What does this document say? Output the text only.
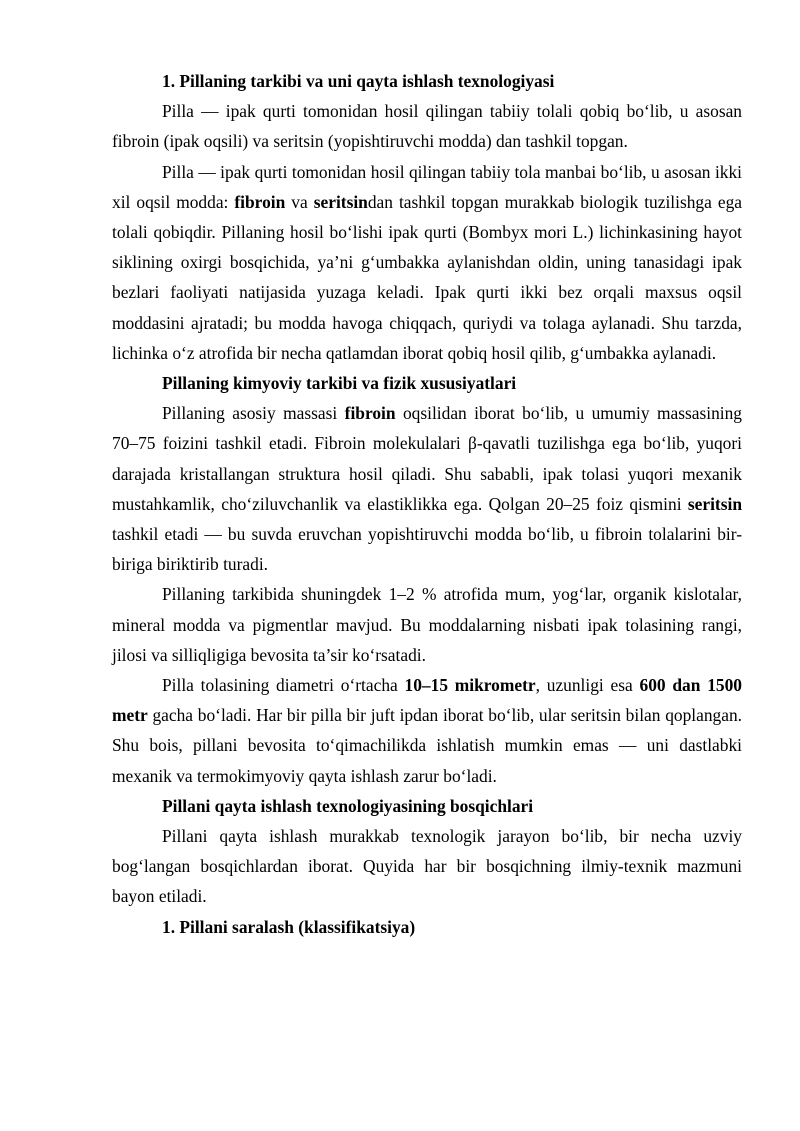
1. Pillaning tarkibi va uni qayta ishlash texnologiyasi

Pilla — ipak qurti tomonidan hosil qilingan tabiiy tolali qobiq bo‘lib, u asosan fibroin (ipak oqsili) va seritsin (yopishtiruvchi modda) dan tashkil topgan.

Pilla — ipak qurti tomonidan hosil qilingan tabiiy tola manbai bo‘lib, u asosan ikki xil oqsil modda: fibroin va seritsindan tashkil topgan murakkab biologik tuzilishga ega tolali qobiqdir. Pillaning hosil bo‘lishi ipak qurti (Bombyx mori L.) lichinkasining hayot siklining oxirgi bosqichida, ya’ni g‘umbakka aylanishdan oldin, uning tanasidagi ipak bezlari faoliyati natijasida yuzaga keladi. Ipak qurti ikki bez orqali maxsus oqsil moddasini ajratadi; bu modda havoga chiqqach, quriydi va tolaga aylanadi. Shu tarzda, lichinka o‘z atrofida bir necha qatlamdan iborat qobiq hosil qilib, g‘umbakka aylanadi.

Pillaning kimyoviy tarkibi va fizik xususiyatlari

Pillaning asosiy massasi fibroin oqsilidan iborat bo‘lib, u umumiy massasining 70–75 foizini tashkil etadi. Fibroin molekulalari β-qavatli tuzilishga ega bo‘lib, yuqori darajada kristallangan struktura hosil qiladi. Shu sababli, ipak tolasi yuqori mexanik mustahkamlik, cho‘ziluvchanlik va elastiklikka ega. Qolgan 20–25 foiz qismini seritsin tashkil etadi — bu suvda eruvchan yopishtiruvchi modda bo‘lib, u fibroin tolalarini bir-biriga biriktirib turadi.

Pillaning tarkibida shuningdek 1–2 % atrofida mum, yog‘lar, organik kislotalar, mineral modda va pigmentlar mavjud. Bu moddalarning nisbati ipak tolasining rangi, jilosi va silliqligiga bevosita ta’sir ko‘rsatadi.

Pilla tolasining diametri o‘rtacha 10–15 mikrometr, uzunligi esa 600 dan 1500 metr gacha bo‘ladi. Har bir pilla bir juft ipdan iborat bo‘lib, ular seritsin bilan qoplangan. Shu bois, pillani bevosita to‘qimachilikda ishlatish mumkin emas — uni dastlabki mexanik va termokimyoviy qayta ishlash zarur bo‘ladi.

Pillani qayta ishlash texnologiyasining bosqichlari

Pillani qayta ishlash murakkab texnologik jarayon bo‘lib, bir necha uzviy bog‘langan bosqichlardan iborat. Quyida har bir bosqichning ilmiy-texnik mazmuni bayon etiladi.

1. Pillani saralash (klassifikatsiya)
